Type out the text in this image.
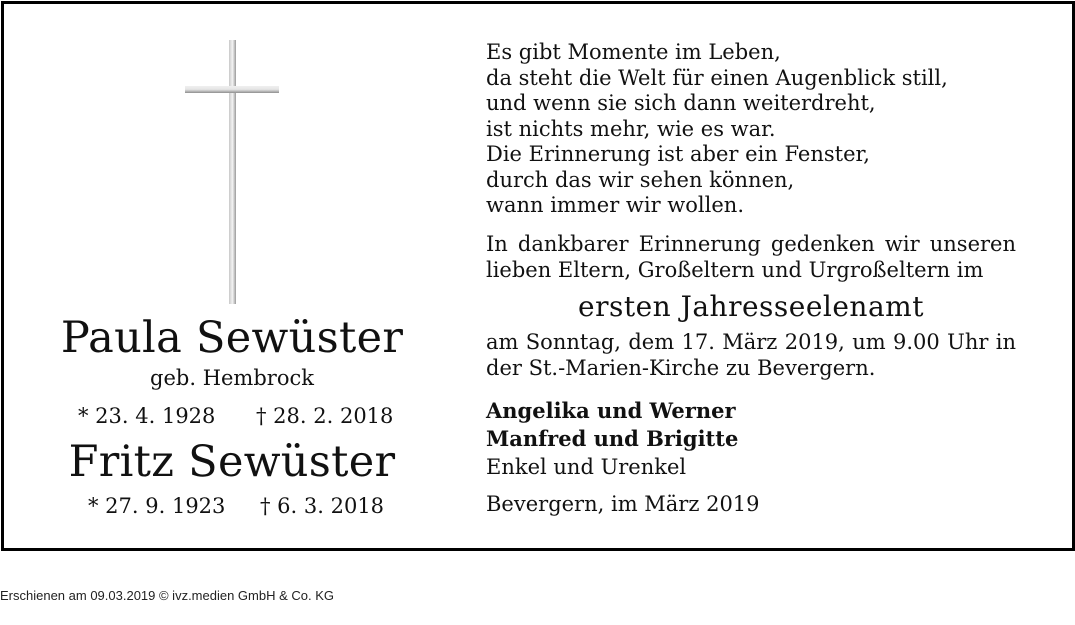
Paula Sewüster
geb. Hembrock
* 23. 4. 1928 † 28. 2. 2018
Fritz Sewüster
* 27. 9. 1923 † 6. 3. 2018

Es gibt Momente im Leben,

da steht die Welt für einen Augenblick still,

und wenn sie sich dann weiterdreht,

ist nichts mehr, wie es war.

Die Erinnerung ist aber ein Fenster,

durch das wir sehen können,

wann immer wir wollen.

In dankbarer Erinnerung gedenken wir unseren lieben Eltern, Großeltern und Urgroßeltern im

ersten Jahresseelenamt

am Sonntag, dem 17. März 2019, um 9.00 Uhr in der St.-Marien-Kirche zu Bevergern.

Angelika und Werner

Manfred und Brigitte

Enkel und Urenkel

Bevergern, im März 2019
Erschienen am 09.03.2019 © ivz.medien GmbH & Co. KG
